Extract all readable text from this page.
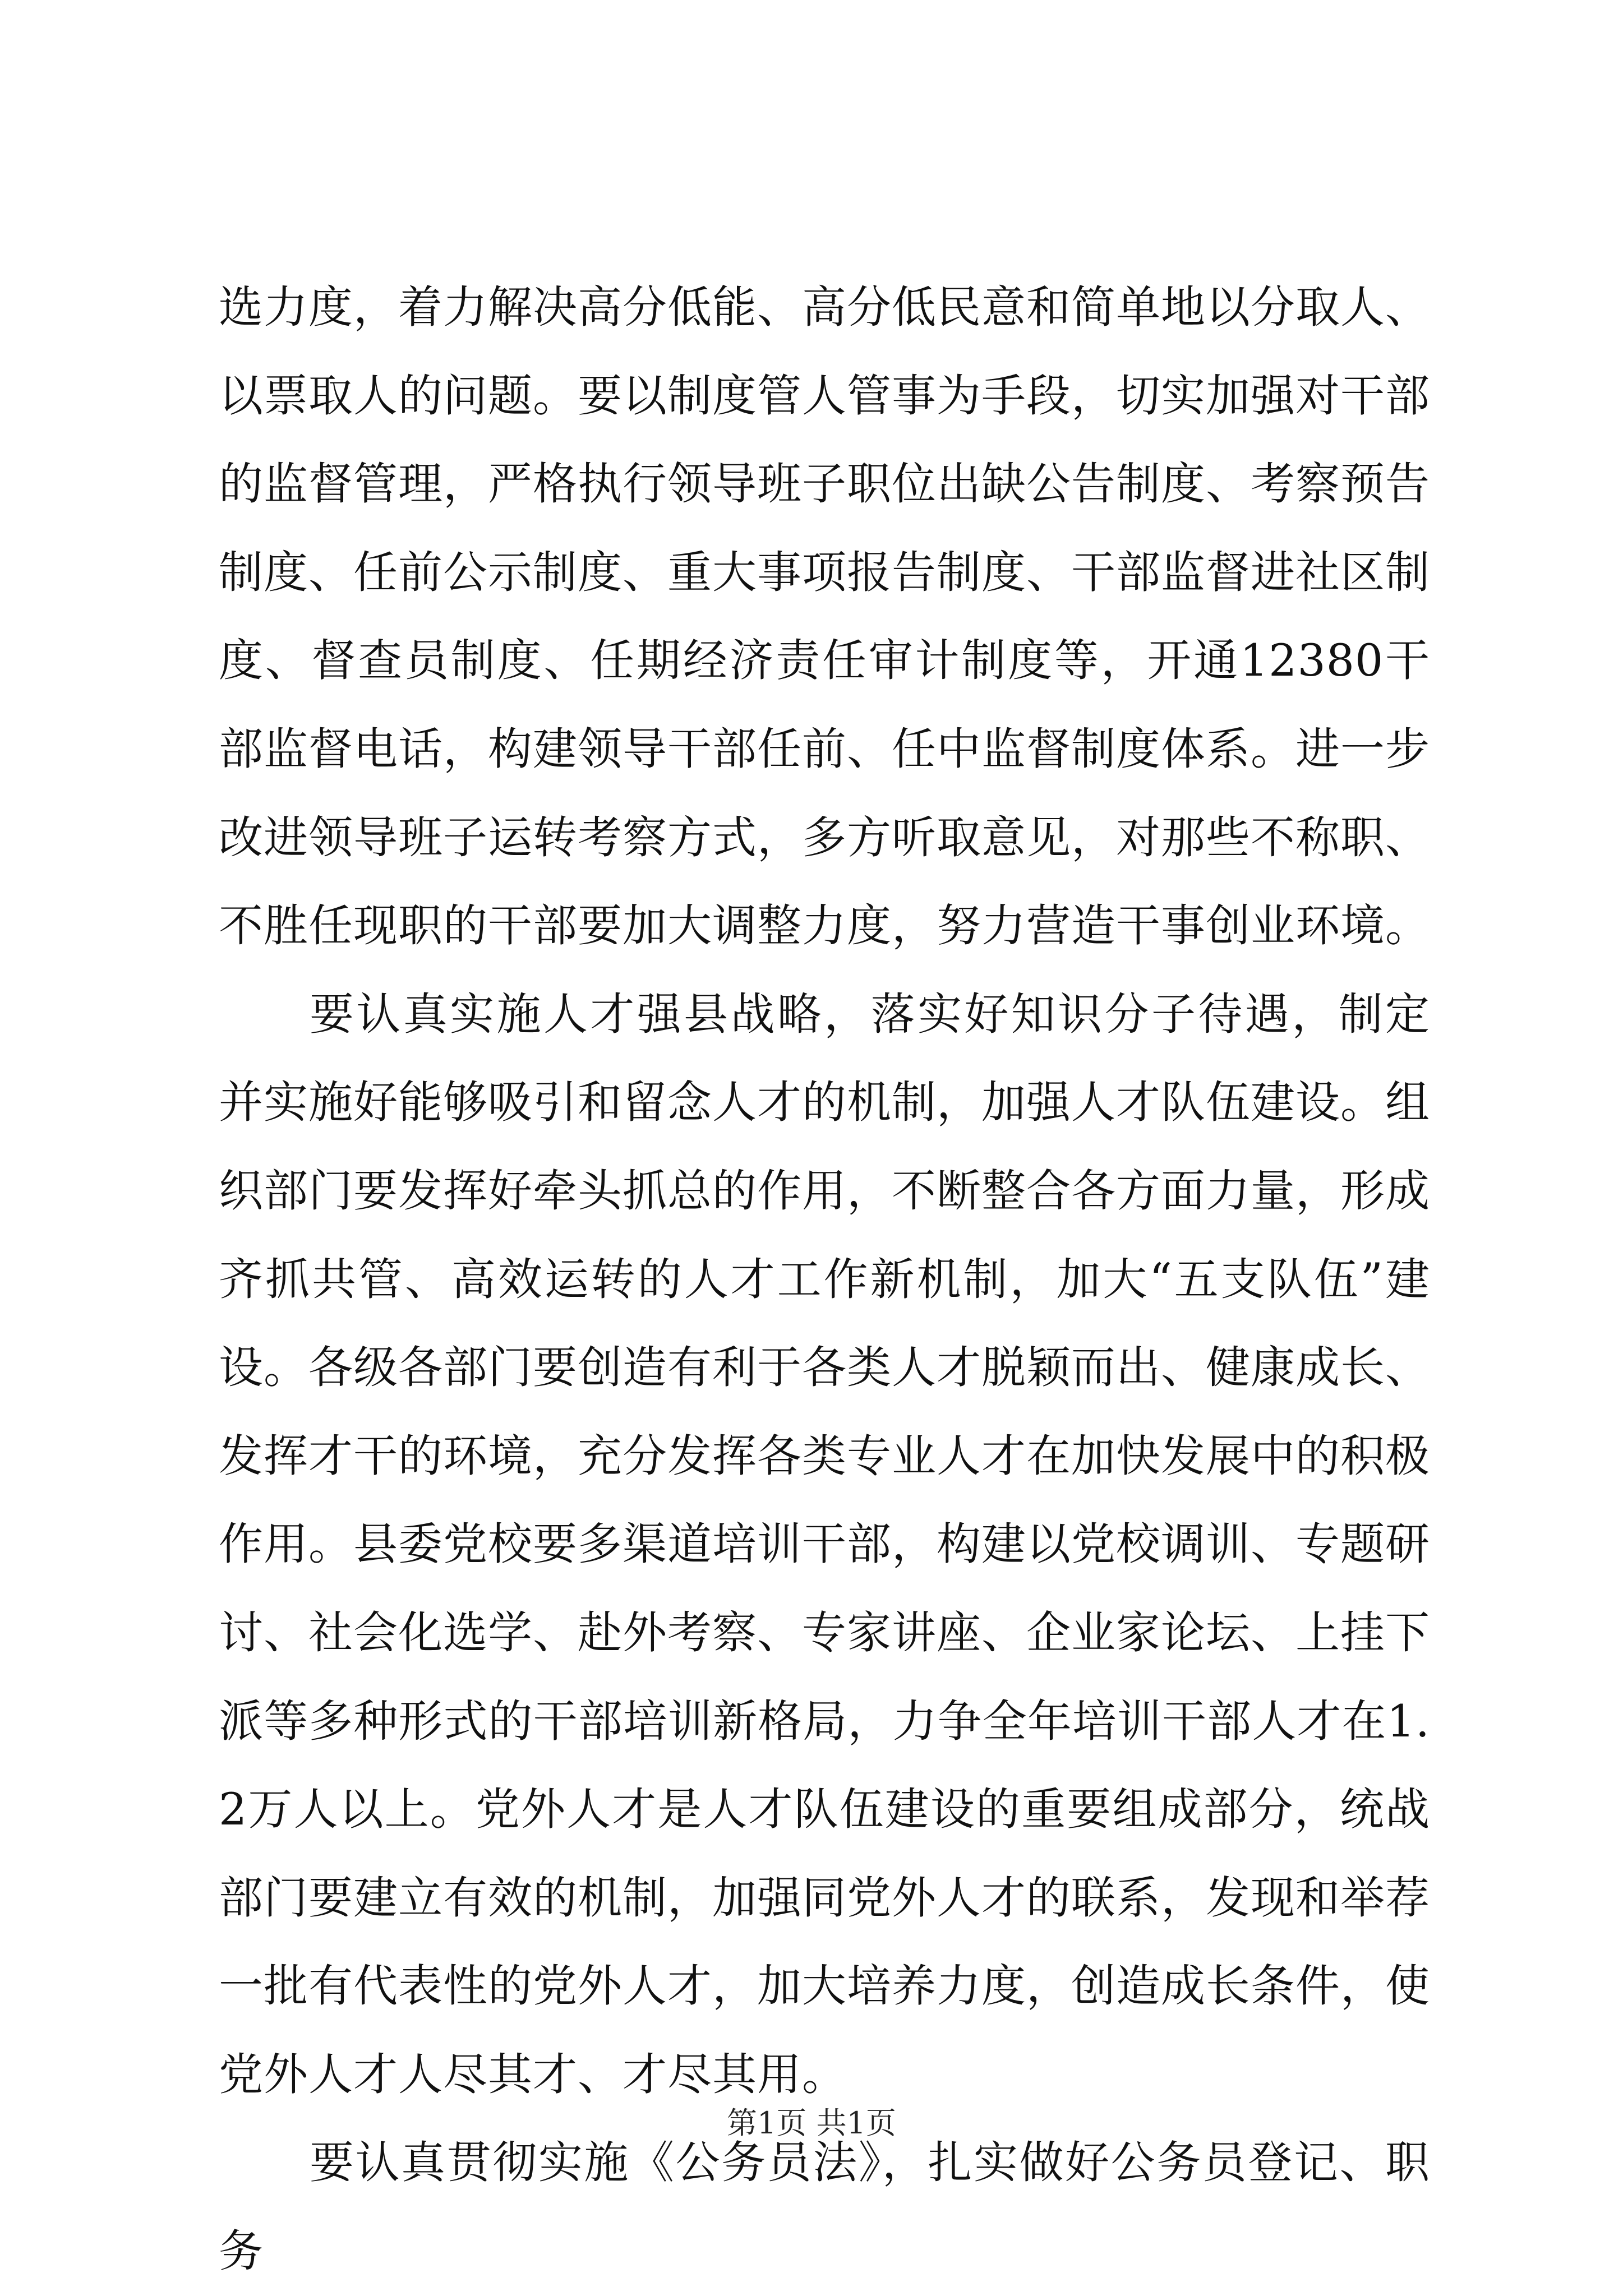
选力度，着力解决高分低能、高分低民意和简单地以分取人、以票取人的问题。要以制度管人管事为手段，切实加强对干部的监督管理，严格执行领导班子职位出缺公告制度、考察预告制度、任前公示制度、重大事项报告制度、干部监督进社区制度、督查员制度、任期经济责任审计制度等，开通12380干部监督电话，构建领导干部任前、任中监督制度体系。进一步改进领导班子运转考察方式，多方听取意见，对那些不称职、不胜任现职的干部要加大调整力度，努力营造干事创业环境。

要认真实施人才强县战略，落实好知识分子待遇，制定并实施好能够吸引和留念人才的机制，加强人才队伍建设。组织部门要发挥好牵头抓总的作用，不断整合各方面力量，形成齐抓共管、高效运转的人才工作新机制，加大“五支队伍”建设。各级各部门要创造有利于各类人才脱颖而出、健康成长、发挥才干的环境，充分发挥各类专业人才在加快发展中的积极作用。县委党校要多渠道培训干部，构建以党校调训、专题研讨、社会化选学、赴外考察、专家讲座、企业家论坛、上挂下派等多种形式的干部培训新格局，力争全年培训干部人才在1.2万人以上。党外人才是人才队伍建设的重要组成部分，统战部门要建立有效的机制，加强同党外人才的联系，发现和举荐一批有代表性的党外人才，加大培养力度，创造成长条件，使党外人才人尽其才、才尽其用。

要认真贯彻实施《公务员法》，扎实做好公务员登记、职务

第1页 共1页
